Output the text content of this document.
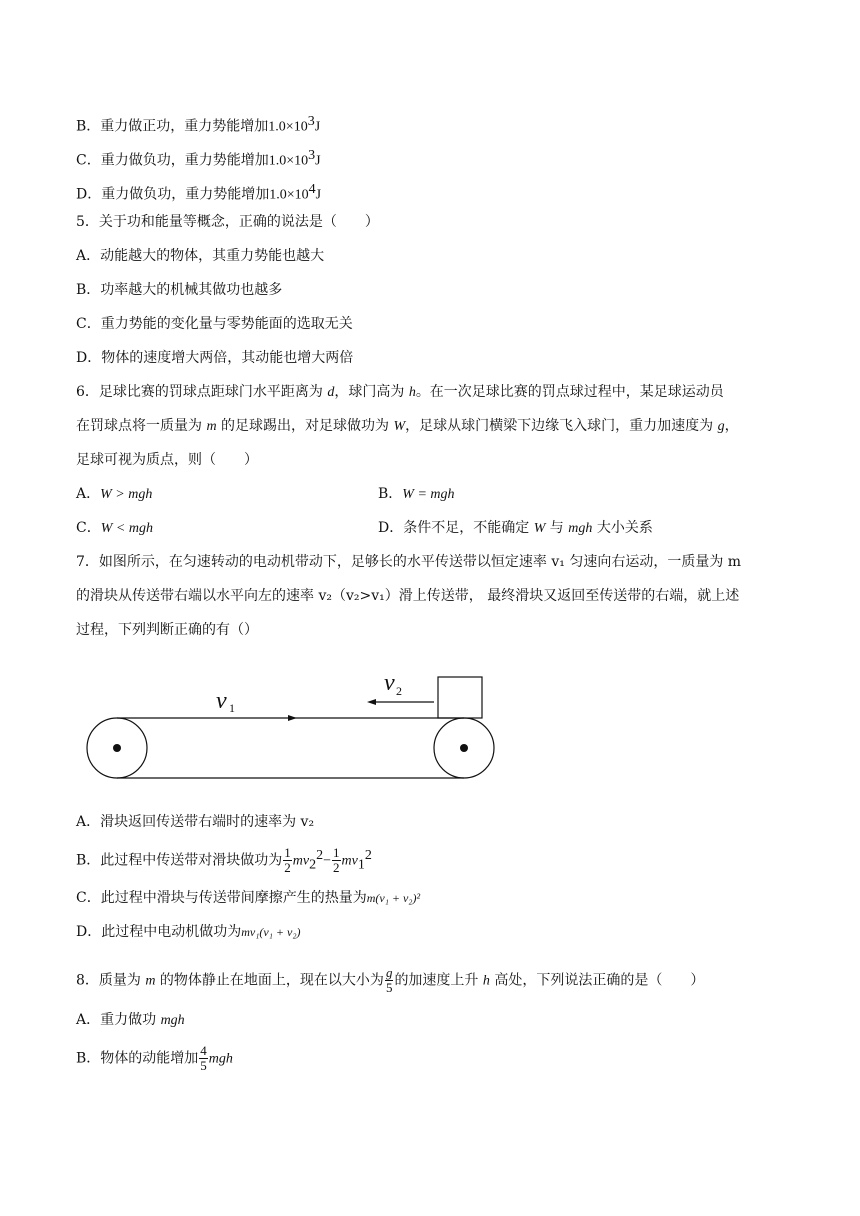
B．重力做正功，重力势能增加$1.0\times 10^3J$
C．重力做负功，重力势能增加$1.0\times 10^3J$
D．重力做负功，重力势能增加$1.0\times 10^4J$
5．关于功和能量等概念，正确的说法是（　　）
A．动能越大的物体，其重力势能也越大
B．功率越大的机械其做功也越多
C．重力势能的变化量与零势能面的选取无关
D．物体的速度增大两倍，其动能也增大两倍
6．足球比赛的罚球点距球门水平距离为 d，球门高为 h。在一次足球比赛的罚点球过程中，某足球运动员
在罚球点将一质量为 m 的足球踢出，对足球做功为 W，足球从球门横梁下边缘飞入球门，重力加速度为 g，
足球可视为质点，则（　　）
A．W > mgh	B．W = mgh
C．W < mgh	D．条件不足，不能确定 W 与 mgh 大小关系
7．如图所示，在匀速转动的电动机带动下，足够长的水平传送带以恒定速率 v₁ 匀速向右运动，一质量为 m
的滑块从传送带右端以水平向左的速率 v₂（v₂>v₁）滑上传送带， 最终滑块又返回至传送带的右端，就上述
过程，下列判断正确的有（）
v 1
v 2
A．滑块返回传送带右端时的速率为 v₂
B．此过程中传送带对滑块做功为 $\frac{1}{2} mv_2^2- \frac{1}{2} mv_1^2$
C．此过程中滑块与传送带间摩擦产生的热量为m(v₁ + v₂)²
D．此过程中电动机做功为mv₁(v₁ + v₂)
8．质量为 m 的物体静止在地面上，现在以大小为 $\frac{g}{5}$ 的加速度上升 h 高处，下列说法正确的是（　　）
A．重力做功 mgh
B．物体的动能增加 $\frac{4}{5}$ mgh
